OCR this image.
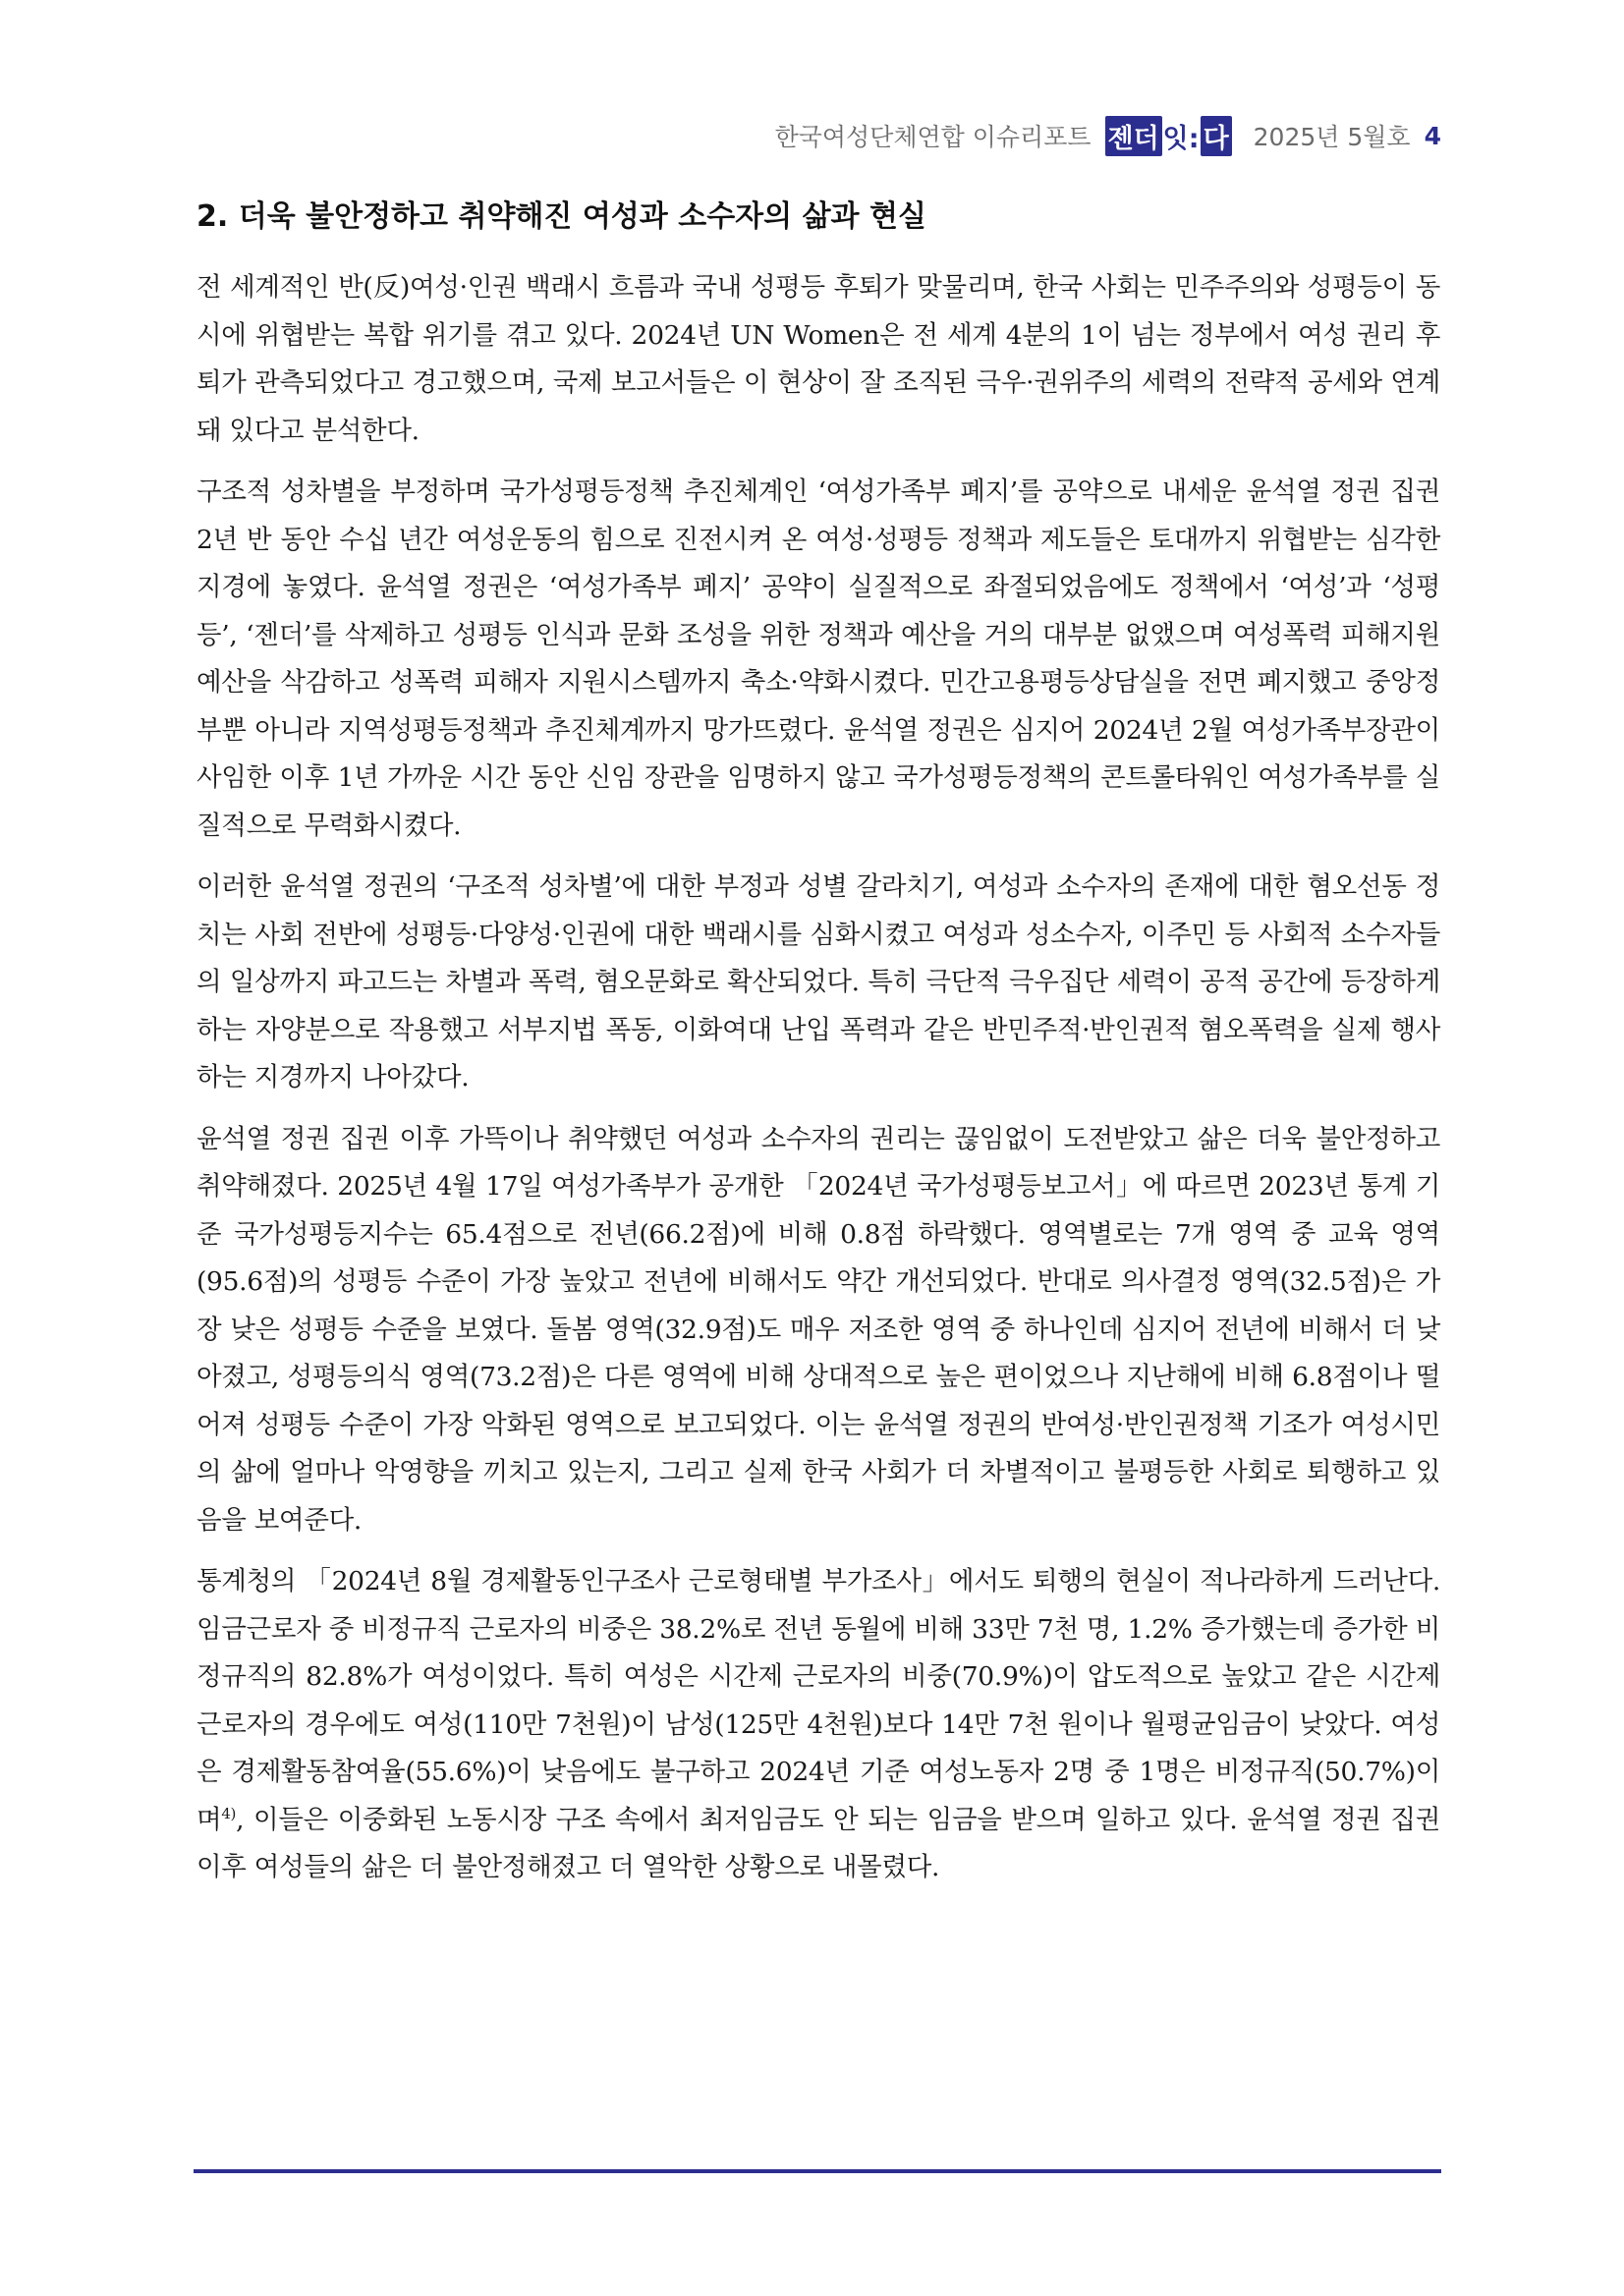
한국여성단체연합 이슈리포트 젠더 잇: 다 2025년 5월호 4
2. 더욱 불안정하고 취약해진 여성과 소수자의 삶과 현실

전 세계적인 반(反)여성·인권 백래시 흐름과 국내 성평등 후퇴가 맞물리며, 한국 사회는 민주주의와 성평등이 동시에 위협받는 복합 위기를 겪고 있다. 2024년 UN Women은 전 세계 4분의 1이 넘는 정부에서 여성 권리 후퇴가 관측되었다고 경고했으며, 국제 보고서들은 이 현상이 잘 조직된 극우·권위주의 세력의 전략적 공세와 연계돼 있다고 분석한다.

구조적 성차별을 부정하며 국가성평등정책 추진체계인 ‘여성가족부 폐지’를 공약으로 내세운 윤석열 정권 집권 2년 반 동안 수십 년간 여성운동의 힘으로 진전시켜 온 여성·성평등 정책과 제도들은 토대까지 위협받는 심각한 지경에 놓였다. 윤석열 정권은 ‘여성가족부 폐지’ 공약이 실질적으로 좌절되었음에도 정책에서 ‘여성’과 ‘성평등’, ‘젠더’를 삭제하고 성평등 인식과 문화 조성을 위한 정책과 예산을 거의 대부분 없앴으며 여성폭력 피해지원 예산을 삭감하고 성폭력 피해자 지원시스템까지 축소·약화시켰다. 민간고용평등상담실을 전면 폐지했고 중앙정부뿐 아니라 지역성평등정책과 추진체계까지 망가뜨렸다. 윤석열 정권은 심지어 2024년 2월 여성가족부장관이 사임한 이후 1년 가까운 시간 동안 신임 장관을 임명하지 않고 국가성평등정책의 콘트롤타워인 여성가족부를 실질적으로 무력화시켰다.

이러한 윤석열 정권의 ‘구조적 성차별’에 대한 부정과 성별 갈라치기, 여성과 소수자의 존재에 대한 혐오선동 정치는 사회 전반에 성평등·다양성·인권에 대한 백래시를 심화시켰고 여성과 성소수자, 이주민 등 사회적 소수자들의 일상까지 파고드는 차별과 폭력, 혐오문화로 확산되었다. 특히 극단적 극우집단 세력이 공적 공간에 등장하게 하는 자양분으로 작용했고 서부지법 폭동, 이화여대 난입 폭력과 같은 반민주적·반인권적 혐오폭력을 실제 행사하는 지경까지 나아갔다.

윤석열 정권 집권 이후 가뜩이나 취약했던 여성과 소수자의 권리는 끊임없이 도전받았고 삶은 더욱 불안정하고 취약해졌다. 2025년 4월 17일 여성가족부가 공개한 「2024년 국가성평등보고서」에 따르면 2023년 통계 기준 국가성평등지수는 65.4점으로 전년(66.2점)에 비해 0.8점 하락했다. 영역별로는 7개 영역 중 교육 영역(95.6점)의 성평등 수준이 가장 높았고 전년에 비해서도 약간 개선되었다. 반대로 의사결정 영역(32.5점)은 가장 낮은 성평등 수준을 보였다. 돌봄 영역(32.9점)도 매우 저조한 영역 중 하나인데 심지어 전년에 비해서 더 낮아졌고, 성평등의식 영역(73.2점)은 다른 영역에 비해 상대적으로 높은 편이었으나 지난해에 비해 6.8점이나 떨어져 성평등 수준이 가장 악화된 영역으로 보고되었다. 이는 윤석열 정권의 반여성·반인권정책 기조가 여성시민의 삶에 얼마나 악영향을 끼치고 있는지, 그리고 실제 한국 사회가 더 차별적이고 불평등한 사회로 퇴행하고 있음을 보여준다.

통계청의 「2024년 8월 경제활동인구조사 근로형태별 부가조사」에서도 퇴행의 현실이 적나라하게 드러난다. 임금근로자 중 비정규직 근로자의 비중은 38.2%로 전년 동월에 비해 33만 7천 명, 1.2% 증가했는데 증가한 비정규직의 82.8%가 여성이었다. 특히 여성은 시간제 근로자의 비중(70.9%)이 압도적으로 높았고 같은 시간제 근로자의 경우에도 여성(110만 7천원)이 남성(125만 4천원)보다 14만 7천 원이나 월평균임금이 낮았다. 여성은 경제활동참여율(55.6%)이 낮음에도 불구하고 2024년 기준 여성노동자 2명 중 1명은 비정규직(50.7%)이며$^{4)}$, 이들은 이중화된 노동시장 구조 속에서 최저임금도 안 되는 임금을 받으며 일하고 있다. 윤석열 정권 집권 이후 여성들의 삶은 더 불안정해졌고 더 열악한 상황으로 내몰렸다.
